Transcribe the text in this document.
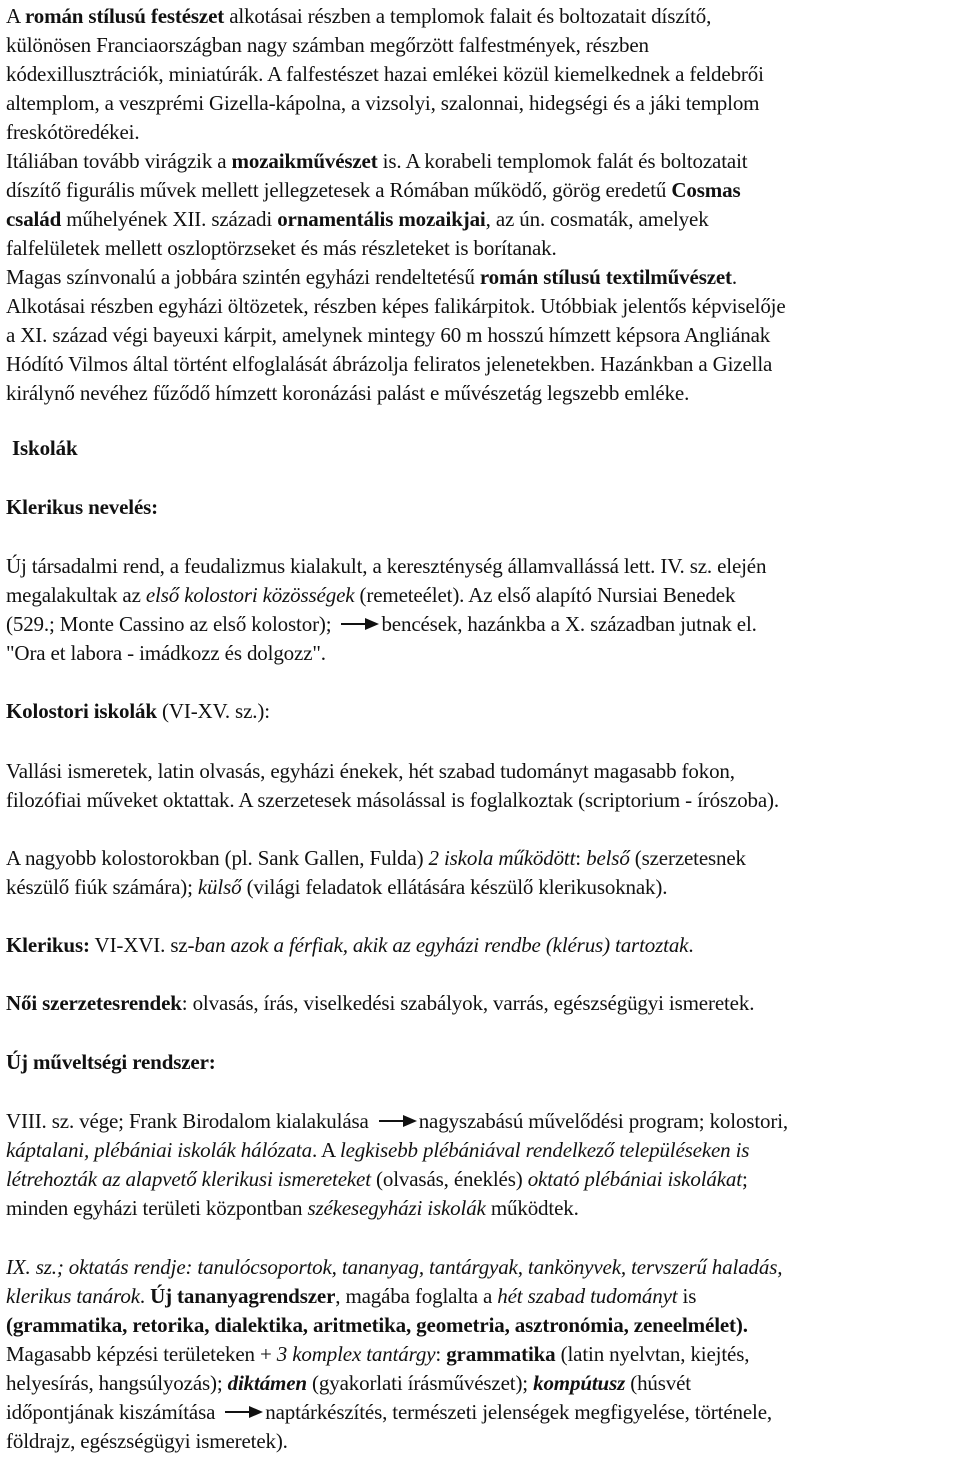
A román stílusú festészet alkotásai részben a templomok falait és boltozatait díszítő,
különösen Franciaországban nagy számban megőrzött falfestmények, részben
kódexillusztrációk, miniatúrák. A falfestészet hazai emlékei közül kiemelkednek a feldebrői
altemplom, a veszprémi Gizella-kápolna, a vizsolyi, szalonnai, hidegségi és a jáki templom
freskótöredékei.
Itáliában tovább virágzik a mozaikművészet is. A korabeli templomok falát és boltozatait
díszítő figurális művek mellett jellegzetesek a Rómában működő, görög eredetű Cosmas
család műhelyének XII. századi ornamentális mozaikjai, az ún. cosmaták, amelyek
falfelületek mellett oszloptörzseket és más részleteket is borítanak.
Magas színvonalú a jobbára szintén egyházi rendeltetésű román stílusú textilművészet.
Alkotásai részben egyházi öltözetek, részben képes falikárpitok. Utóbbiak jelentős képviselője
a XI. század végi bayeuxi kárpit, amelynek mintegy 60 m hosszú hímzett képsora Angliának
Hódító Vilmos által történt elfoglalását ábrázolja feliratos jelenetekben. Hazánkban a Gizella
királynő nevéhez fűződő hímzett koronázási palást e művészetág legszebb emléke.
Iskolák
Klerikus nevelés:
Új társadalmi rend, a feudalizmus kialakult, a kereszténység államvallássá lett. IV. sz. elején
megalakultak az első kolostori közösségek (remeteélet). Az első alapító Nursiai Benedek
(529.; Monte Cassino az első kolostor); bencések, hazánkba a X. században jutnak el.
"Ora et labora - imádkozz és dolgozz".
Kolostori iskolák (VI-XV. sz.):
Vallási ismeretek, latin olvasás, egyházi énekek, hét szabad tudományt magasabb fokon,
filozófiai műveket oktattak. A szerzetesek másolással is foglalkoztak (scriptorium - írószoba).
A nagyobb kolostorokban (pl. Sank Gallen, Fulda) 2 iskola működött: belső (szerzetesnek
készülő fiúk számára); külső (világi feladatok ellátására készülő klerikusoknak).
Klerikus: VI-XVI. sz-ban azok a férfiak, akik az egyházi rendbe (klérus) tartoztak.
Női szerzetesrendek: olvasás, írás, viselkedési szabályok, varrás, egészségügyi ismeretek.
Új műveltségi rendszer:
VIII. sz. vége; Frank Birodalom kialakulása nagyszabású művelődési program; kolostori,
káptalani, plébániai iskolák hálózata. A legkisebb plébániával rendelkező településeken is
létrehozták az alapvető klerikusi ismereteket (olvasás, éneklés) oktató plébániai iskolákat;
minden egyházi területi központban székesegyházi iskolák működtek.
IX. sz.; oktatás rendje: tanulócsoportok, tananyag, tantárgyak, tankönyvek, tervszerű haladás,
klerikus tanárok. Új tananyagrendszer, magába foglalta a hét szabad tudományt is
(grammatika, retorika, dialektika, aritmetika, geometria, asztronómia, zeneelmélet).
Magasabb képzési területeken + 3 komplex tantárgy: grammatika (latin nyelvtan, kiejtés,
helyesírás, hangsúlyozás); diktámen (gyakorlati írásművészet); kompútusz (húsvét
időpontjának kiszámítása naptárkészítés, természeti jelenségek megfigyelése, történele,
földrajz, egészségügyi ismeretek).
